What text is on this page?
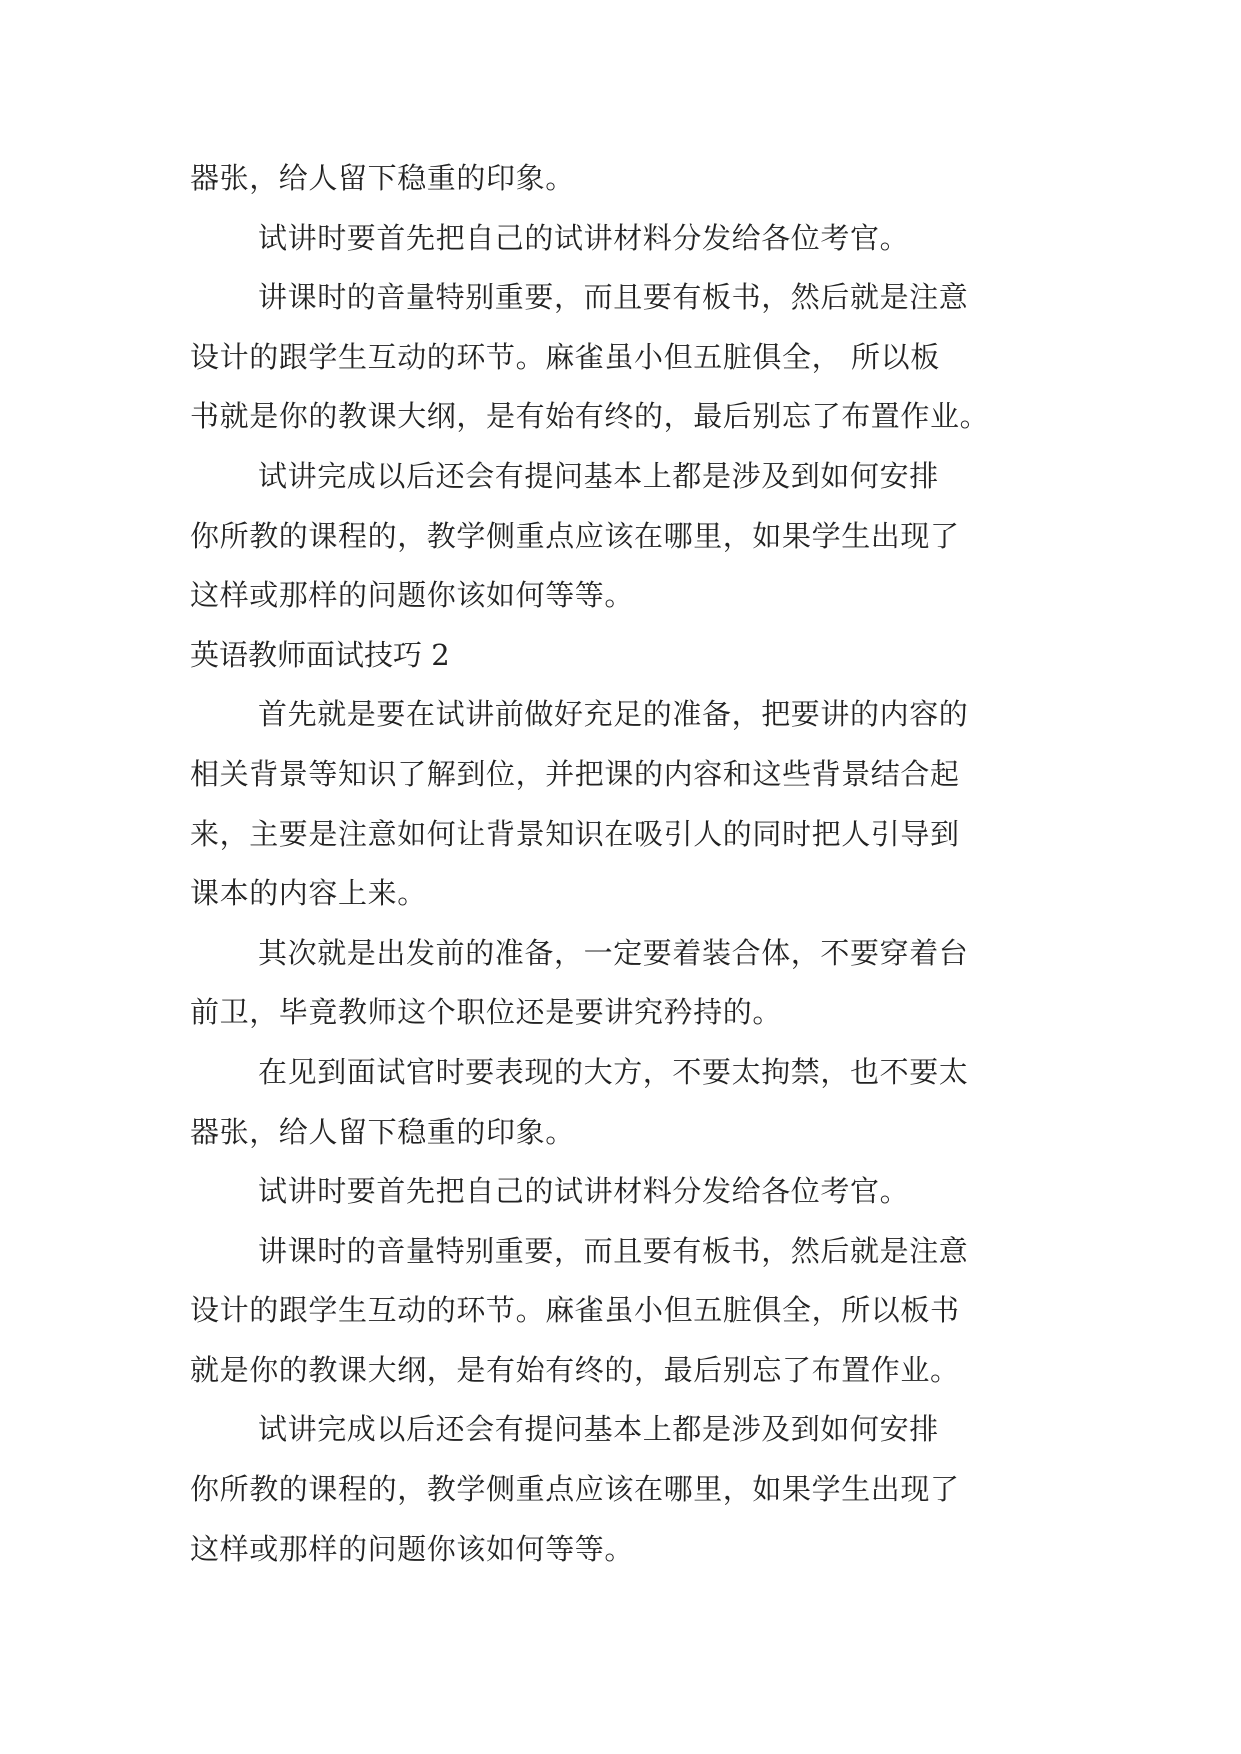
器张，给人留下稳重的印象。
试讲时要首先把自己的试讲材料分发给各位考官。
讲课时的音量特别重要，而且要有板书，然后就是注意
设计的跟学生互动的环节。麻雀虽小但五脏俱全， 所以板
书就是你的教课大纲，是有始有终的，最后别忘了布置作业。
试讲完成以后还会有提问基本上都是涉及到如何安排
你所教的课程的，教学侧重点应该在哪里，如果学生出现了
这样或那样的问题你该如何等等。
英语教师面试技巧 2
首先就是要在试讲前做好充足的准备，把要讲的内容的
相关背景等知识了解到位，并把课的内容和这些背景结合起
来，主要是注意如何让背景知识在吸引人的同时把人引导到
课本的内容上来。
其次就是出发前的准备，一定要着装合体，不要穿着台
前卫，毕竟教师这个职位还是要讲究矜持的。
在见到面试官时要表现的大方，不要太拘禁，也不要太
器张，给人留下稳重的印象。
试讲时要首先把自己的试讲材料分发给各位考官。
讲课时的音量特别重要，而且要有板书，然后就是注意
设计的跟学生互动的环节。麻雀虽小但五脏俱全，所以板书
就是你的教课大纲，是有始有终的，最后别忘了布置作业。
试讲完成以后还会有提问基本上都是涉及到如何安排
你所教的课程的，教学侧重点应该在哪里，如果学生出现了
这样或那样的问题你该如何等等。
